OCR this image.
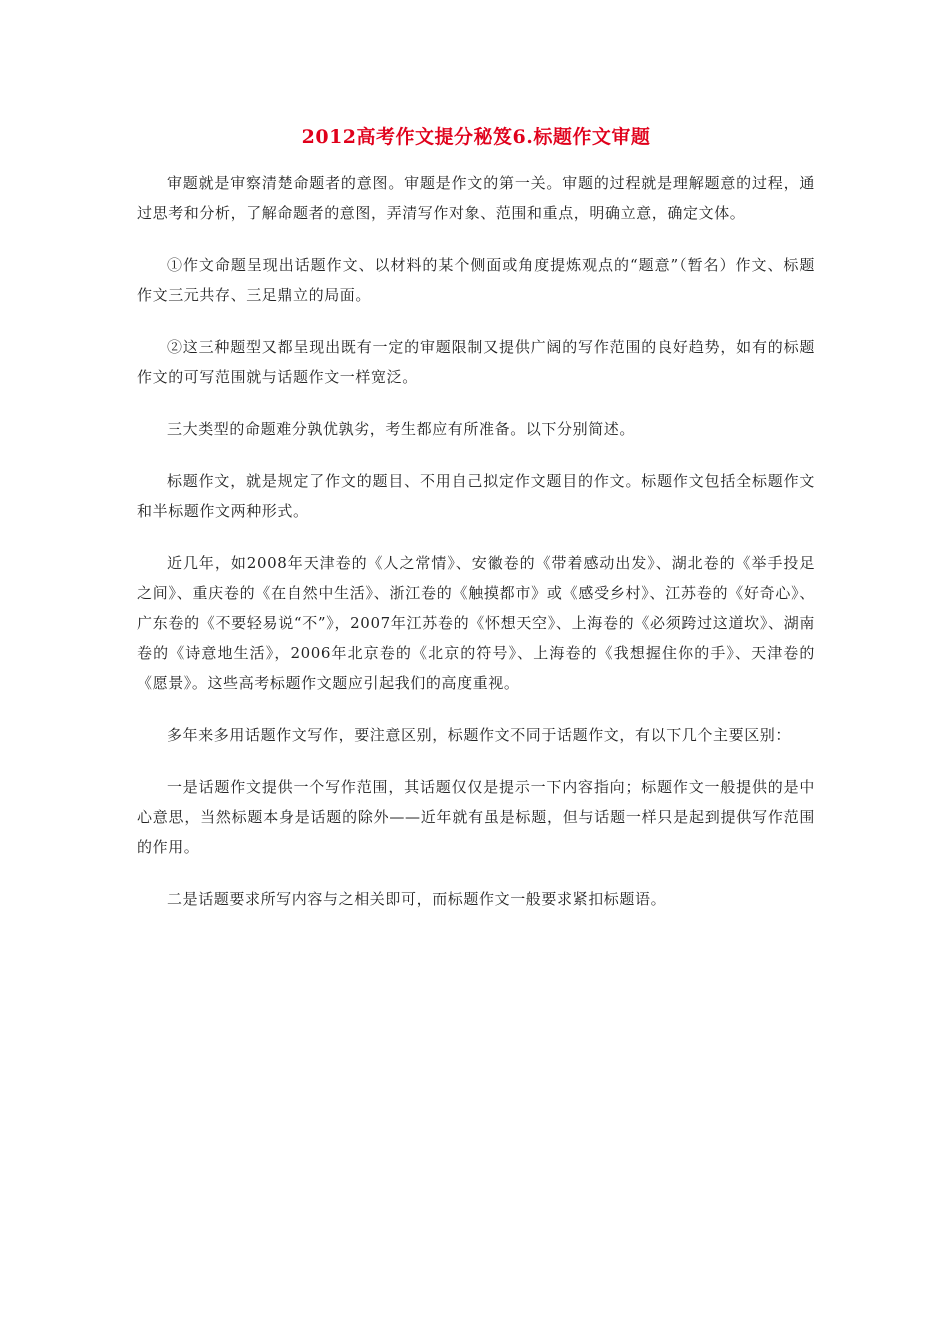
2012高考作文提分秘笈6.标题作文审题

审题就是审察清楚命题者的意图。审题是作文的第一关。审题的过程就是理解题意的过程，通过思考和分析，了解命题者的意图，弄清写作对象、范围和重点，明确立意，确定文体。

①作文命题呈现出话题作文、以材料的某个侧面或角度提炼观点的“题意”（暂名）作文、标题作文三元共存、三足鼎立的局面。

②这三种题型又都呈现出既有一定的审题限制又提供广阔的写作范围的良好趋势，如有的标题作文的可写范围就与话题作文一样宽泛。

三大类型的命题难分孰优孰劣，考生都应有所准备。以下分别简述。

标题作文，就是规定了作文的题目、不用自己拟定作文题目的作文。标题作文包括全标题作文和半标题作文两种形式。

近几年，如2008年天津卷的《人之常情》、安徽卷的《带着感动出发》、湖北卷的《举手投足之间》、重庆卷的《在自然中生活》、浙江卷的《触摸都市》或《感受乡村》、江苏卷的《好奇心》、广东卷的《不要轻易说“不”》，2007年江苏卷的《怀想天空》、上海卷的《必须跨过这道坎》、湖南卷的《诗意地生活》，2006年北京卷的《北京的符号》、上海卷的《我想握住你的手》、天津卷的《愿景》。这些高考标题作文题应引起我们的高度重视。

多年来多用话题作文写作，要注意区别，标题作文不同于话题作文，有以下几个主要区别：

一是话题作文提供一个写作范围，其话题仅仅是提示一下内容指向；标题作文一般提供的是中心意思，当然标题本身是话题的除外——近年就有虽是标题，但与话题一样只是起到提供写作范围的作用。

二是话题要求所写内容与之相关即可，而标题作文一般要求紧扣标题语。
